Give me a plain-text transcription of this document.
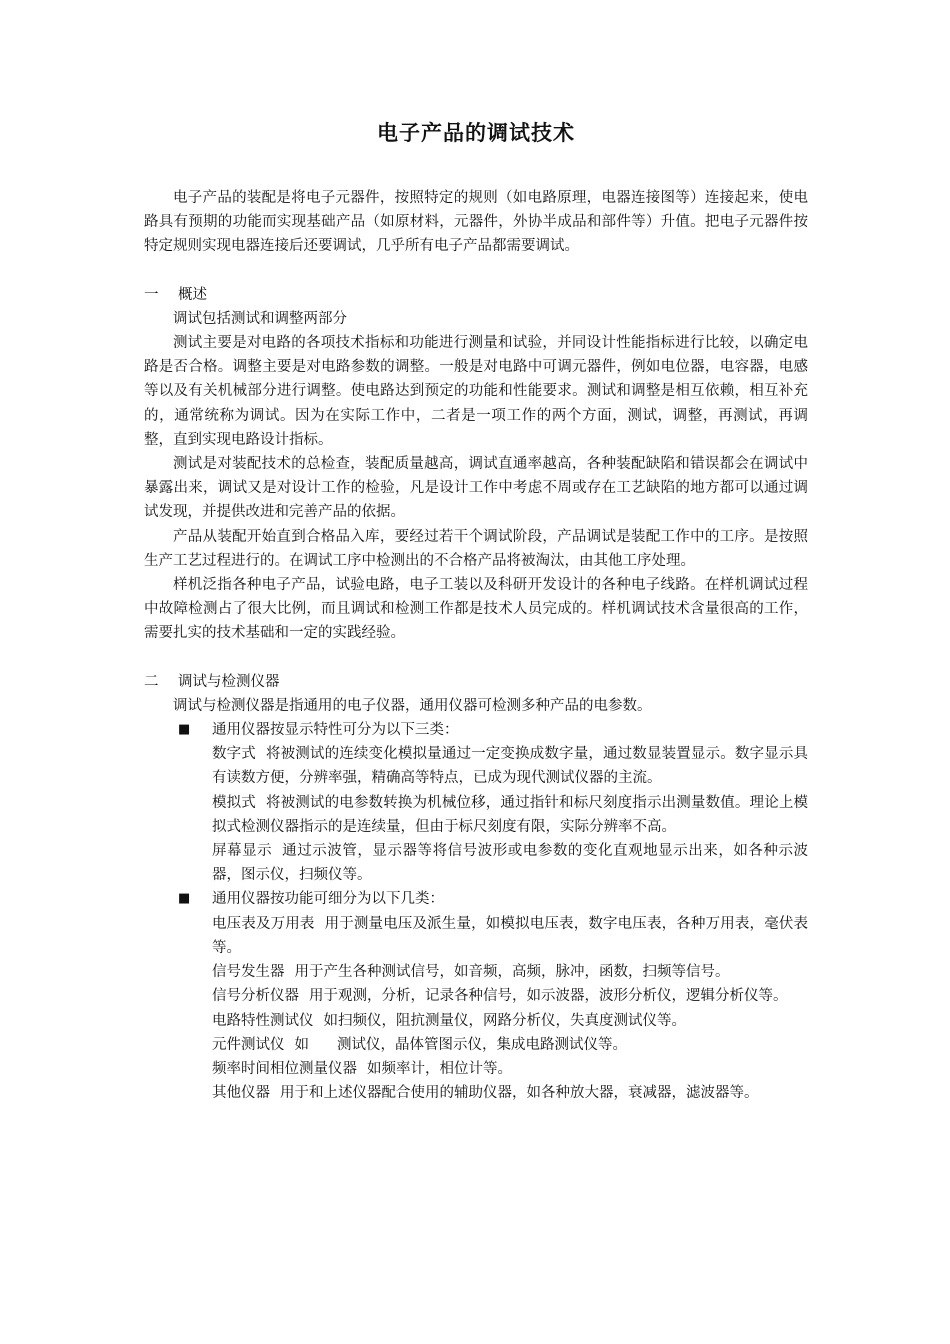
电子产品的调试技术

电子产品的装配是将电子元器件，按照特定的规则（如电路原理，电器连接图等）连接起来，使电路具有预期的功能而实现基础产品（如原材料，元器件，外协半成品和部件等）升值。把电子元器件按特定规则实现电器连接后还要调试，几乎所有电子产品都需要调试。

一	概述

调试包括测试和调整两部分

测试主要是对电路的各项技术指标和功能进行测量和试验，并同设计性能指标进行比较，以确定电路是否合格。调整主要是对电路参数的调整。一般是对电路中可调元器件，例如电位器，电容器，电感等以及有关机械部分进行调整。使电路达到预定的功能和性能要求。测试和调整是相互依赖，相互补充的，通常统称为调试。因为在实际工作中，二者是一项工作的两个方面，测试，调整，再测试，再调整，直到实现电路设计指标。

测试是对装配技术的总检查，装配质量越高，调试直通率越高，各种装配缺陷和错误都会在调试中暴露出来，调试又是对设计工作的检验，凡是设计工作中考虑不周或存在工艺缺陷的地方都可以通过调试发现，并提供改进和完善产品的依据。

产品从装配开始直到合格品入库，要经过若干个调试阶段，产品调试是装配工作中的工序。是按照生产工艺过程进行的。在调试工序中检测出的不合格产品将被淘汰，由其他工序处理。

样机泛指各种电子产品，试验电路，电子工装以及科研开发设计的各种电子线路。在样机调试过程中故障检测占了很大比例，而且调试和检测工作都是技术人员完成的。样机调试技术含量很高的工作，需要扎实的技术基础和一定的实践经验。

二	调试与检测仪器

调试与检测仪器是指通用的电子仪器，通用仪器可检测多种产品的电参数。

■	通用仪器按显示特性可分为以下三类：

数字式 将被测试的连续变化模拟量通过一定变换成数字量，通过数显装置显示。数字显示具有读数方便，分辨率强，精确高等特点，已成为现代测试仪器的主流。

模拟式 将被测试的电参数转换为机械位移，通过指针和标尺刻度指示出测量数值。理论上模拟式检测仪器指示的是连续量，但由于标尺刻度有限，实际分辨率不高。

屏幕显示 通过示波管，显示器等将信号波形或电参数的变化直观地显示出来，如各种示波器，图示仪，扫频仪等。

■	通用仪器按功能可细分为以下几类：

电压表及万用表 用于测量电压及派生量，如模拟电压表，数字电压表，各种万用表，毫伏表等。

信号发生器 用于产生各种测试信号，如音频，高频，脉冲，函数，扫频等信号。

信号分析仪器 用于观测，分析，记录各种信号，如示波器，波形分析仪，逻辑分析仪等。

电路特性测试仪 如扫频仪，阻抗测量仪，网路分析仪，失真度测试仪等。

元件测试仪 如 测试仪，晶体管图示仪，集成电路测试仪等。

频率时间相位测量仪器 如频率计，相位计等。

其他仪器 用于和上述仪器配合使用的辅助仪器，如各种放大器，衰减器，滤波器等。
